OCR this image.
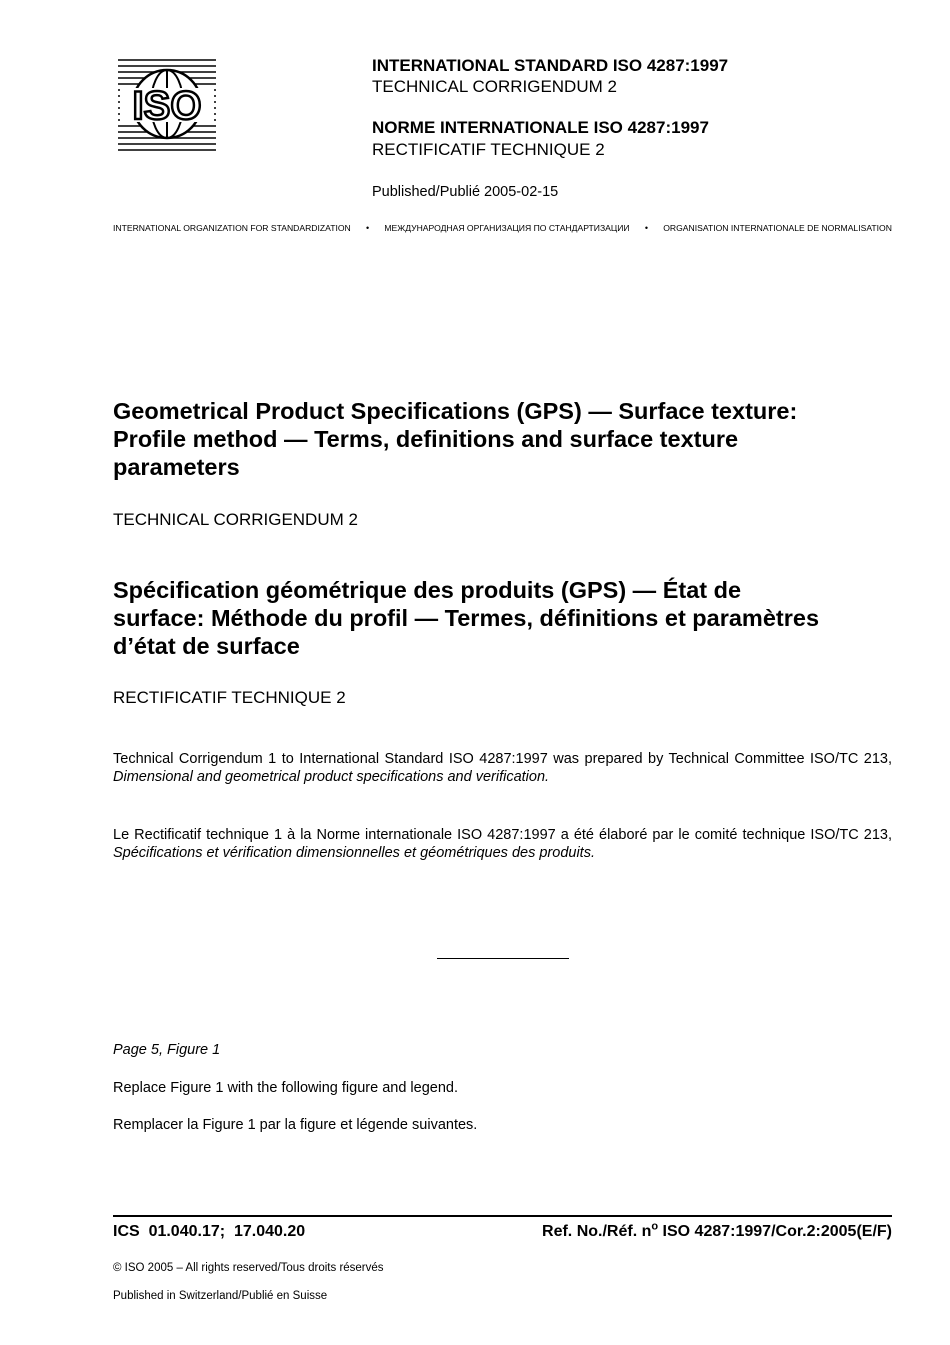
ISO
INTERNATIONAL STANDARD ISO 4287:1997
TECHNICAL CORRIGENDUM 2
NORME INTERNATIONALE ISO 4287:1997
RECTIFICATIF TECHNIQUE 2
Published/Publié 2005-02-15
INTERNATIONAL ORGANIZATION FOR STANDARDIZATION • МЕЖДУНАРОДНАЯ ОРГАНИЗАЦИЯ ПО СТАНДАРТИЗАЦИИ • ORGANISATION INTERNATIONALE DE NORMALISATION
Geometrical Product Specifications (GPS) — Surface texture:
Profile method — Terms, definitions and surface texture
parameters
TECHNICAL CORRIGENDUM 2
Spécification géométrique des produits (GPS) — État de
surface: Méthode du profil — Termes, définitions et paramètres
d’état de surface
RECTIFICATIF TECHNIQUE 2
Technical Corrigendum 1 to International Standard ISO 4287:1997 was prepared by Technical Committee ISO/TC 213, Dimensional and geometrical product specifications and verification.
Le Rectificatif technique 1 à la Norme internationale ISO 4287:1997 a été élaboré par le comité technique ISO/TC 213, Spécifications et vérification dimensionnelles et géométriques des produits.
Page 5, Figure 1
Replace Figure 1 with the following figure and legend.
Remplacer la Figure 1 par la figure et légende suivantes.
ICS  01.040.17;  17.040.20	Ref. No./Réf. $n^o$ ISO 4287:1997/Cor.2:2005(E/F)
© ISO 2005 – All rights reserved/Tous droits réservés
Published in Switzerland/Publié en Suisse
